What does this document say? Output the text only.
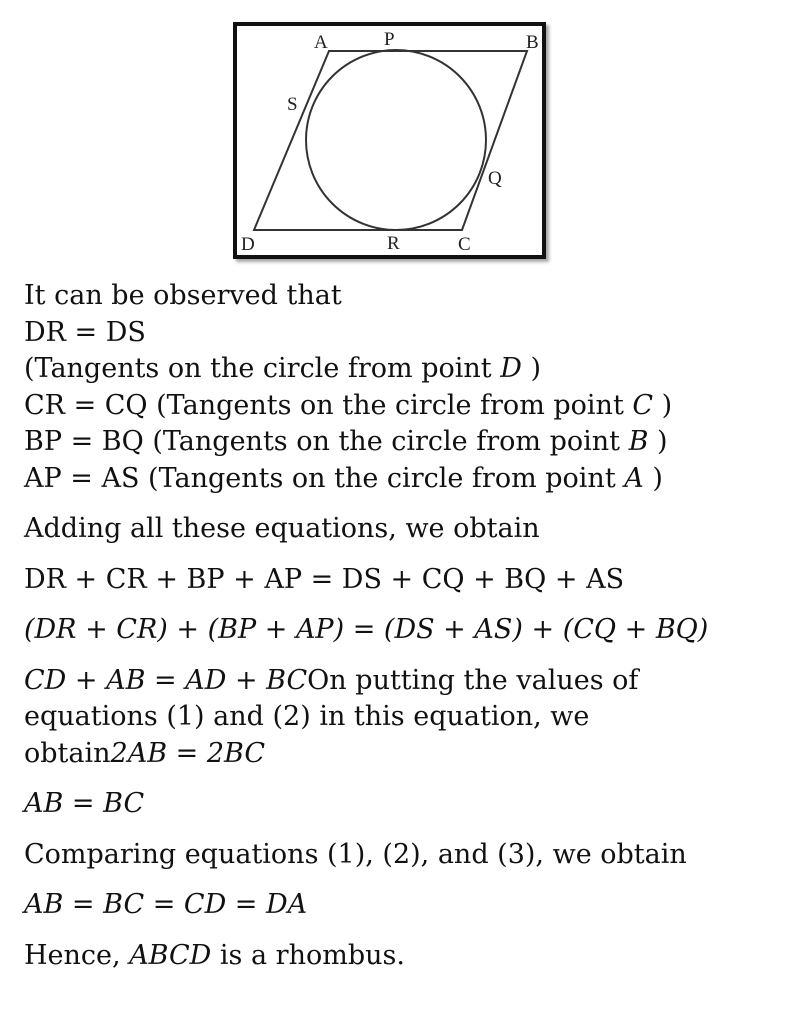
A	P	B
S
Q
D	R	C
It can be observed that
DR = DS
(Tangents on the circle from point D )
CR = CQ (Tangents on the circle from point C )
BP = BQ (Tangents on the circle from point B )
AP = AS (Tangents on the circle from point A )
Adding all these equations, we obtain
DR + CR + BP + AP = DS + CQ + BQ + AS
(DR + CR) + (BP + AP) = (DS + AS) + (CQ + BQ)
CD + AB = AD + BCOn putting the values of
equations (1) and (2) in this equation, we
obtain2AB = 2BC
AB = BC
Comparing equations (1), (2), and (3), we obtain
AB = BC = CD = DA
Hence, ABCD is a rhombus.
